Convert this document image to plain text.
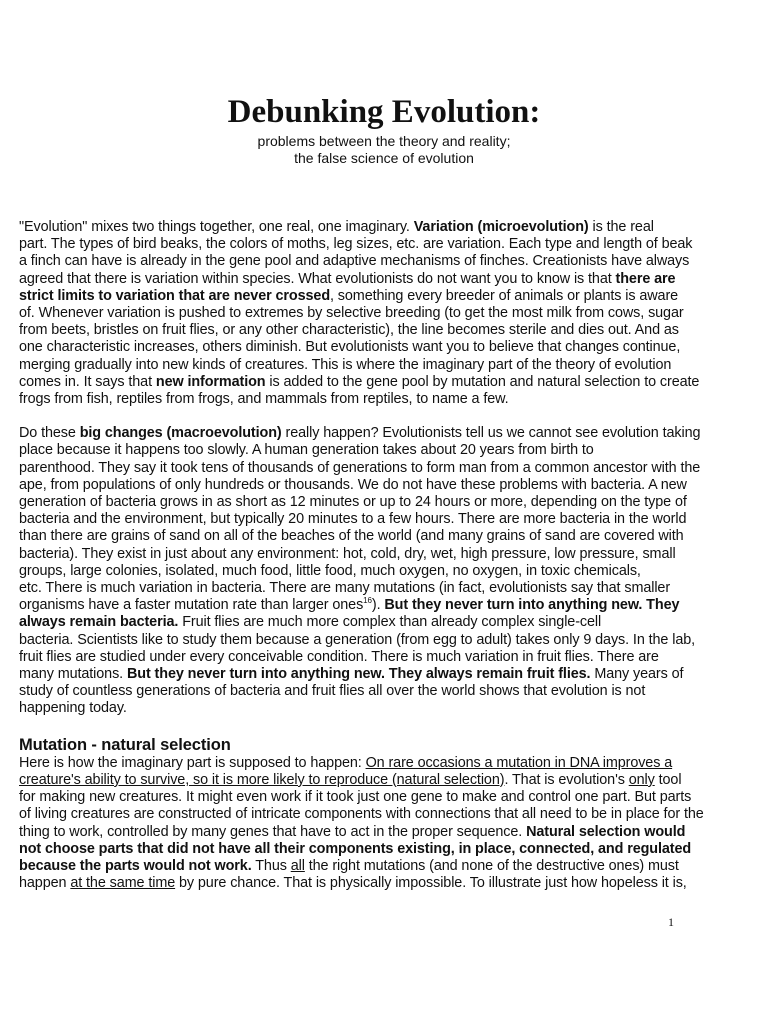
Debunking Evolution:
problems between the theory and reality;
the false science of evolution

"Evolution" mixes two things together, one real, one imaginary. Variation (microevolution) is the real
part. The types of bird beaks, the colors of moths, leg sizes, etc. are variation. Each type and length of beak
a finch can have is already in the gene pool and adaptive mechanisms of finches. Creationists have always
agreed that there is variation within species. What evolutionists do not want you to know is that there are
strict limits to variation that are never crossed, something every breeder of animals or plants is aware
of. Whenever variation is pushed to extremes by selective breeding (to get the most milk from cows, sugar
from beets, bristles on fruit flies, or any other characteristic), the line becomes sterile and dies out. And as
one characteristic increases, others diminish. But evolutionists want you to believe that changes continue,
merging gradually into new kinds of creatures. This is where the imaginary part of the theory of evolution
comes in. It says that new information is added to the gene pool by mutation and natural selection to create
frogs from fish, reptiles from frogs, and mammals from reptiles, to name a few.

Do these big changes (macroevolution) really happen? Evolutionists tell us we cannot see evolution taking
place because it happens too slowly. A human generation takes about 20 years from birth to
parenthood. They say it took tens of thousands of generations to form man from a common ancestor with the
ape, from populations of only hundreds or thousands. We do not have these problems with bacteria. A new
generation of bacteria grows in as short as 12 minutes or up to 24 hours or more, depending on the type of
bacteria and the environment, but typically 20 minutes to a few hours. There are more bacteria in the world
than there are grains of sand on all of the beaches of the world (and many grains of sand are covered with
bacteria). They exist in just about any environment: hot, cold, dry, wet, high pressure, low pressure, small
groups, large colonies, isolated, much food, little food, much oxygen, no oxygen, in toxic chemicals,
etc. There is much variation in bacteria. There are many mutations (in fact, evolutionists say that smaller
organisms have a faster mutation rate than larger ones$^{16}$). But they never turn into anything new. They
always remain bacteria. Fruit flies are much more complex than already complex single-cell
bacteria. Scientists like to study them because a generation (from egg to adult) takes only 9 days. In the lab,
fruit flies are studied under every conceivable condition. There is much variation in fruit flies. There are
many mutations. But they never turn into anything new. They always remain fruit flies. Many years of
study of countless generations of bacteria and fruit flies all over the world shows that evolution is not
happening today.

Mutation - natural selection

Here is how the imaginary part is supposed to happen: On rare occasions a mutation in DNA improves a
creature's ability to survive, so it is more likely to reproduce (natural selection). That is evolution's only tool
for making new creatures. It might even work if it took just one gene to make and control one part. But parts
of living creatures are constructed of intricate components with connections that all need to be in place for the
thing to work, controlled by many genes that have to act in the proper sequence. Natural selection would
not choose parts that did not have all their components existing, in place, connected, and regulated
because the parts would not work. Thus all the right mutations (and none of the destructive ones) must
happen at the same time by pure chance. That is physically impossible. To illustrate just how hopeless it is,

1
